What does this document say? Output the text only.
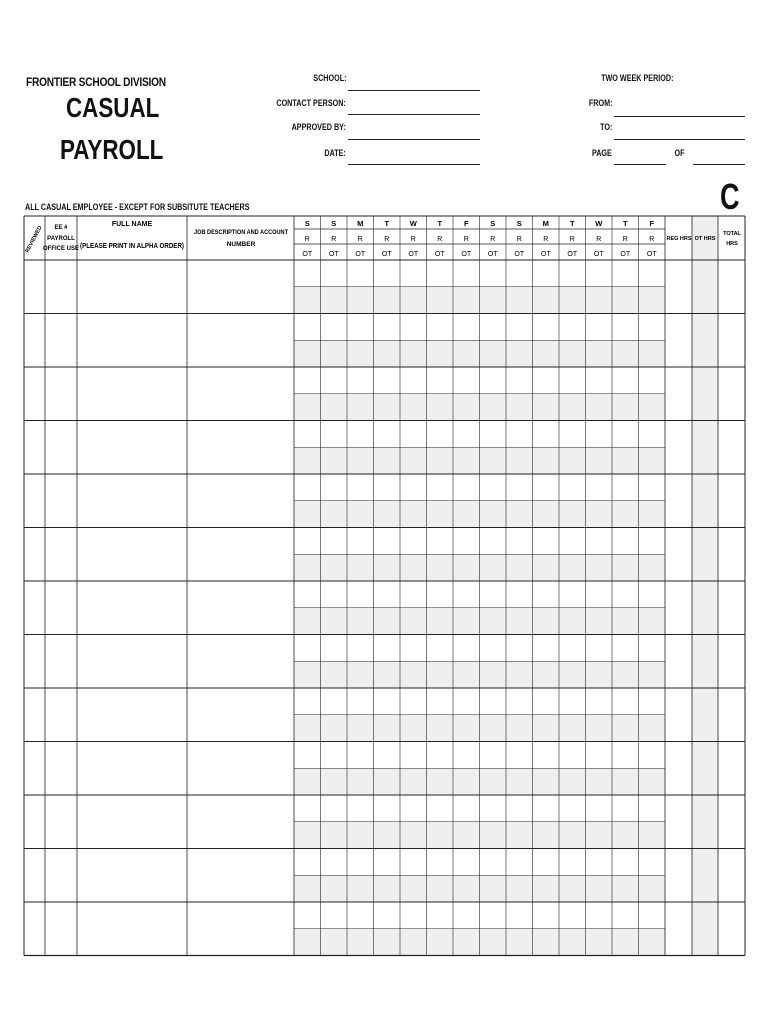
FRONTIER SCHOOL DIVISION
CASUAL
PAYROLL
SCHOOL:
CONTACT PERSON:
APPROVED BY:
DATE:
TWO WEEK PERIOD:
FROM:
TO:
PAGE	OF
C
ALL CASUAL EMPLOYEE - EXCEPT FOR SUBSITUTE TEACHERS
REVIEWED EE #
PAYROLL
OFFICE USE
FULL NAME
(PLEASE PRINT IN ALPHA ORDER)
JOB DESCRIPTION AND ACCOUNT
NUMBER
REG HRS OT HRS
TOTAL
HRS
S
R
OT
S
R
OT
M
R
OT
T
R
OT
W
R
OT
T
R
OT
F
R
OT
S
R
OT
S
R
OT
M
R
OT
T
R
OT
W
R
OT
T
R
OT
F
R
OT
